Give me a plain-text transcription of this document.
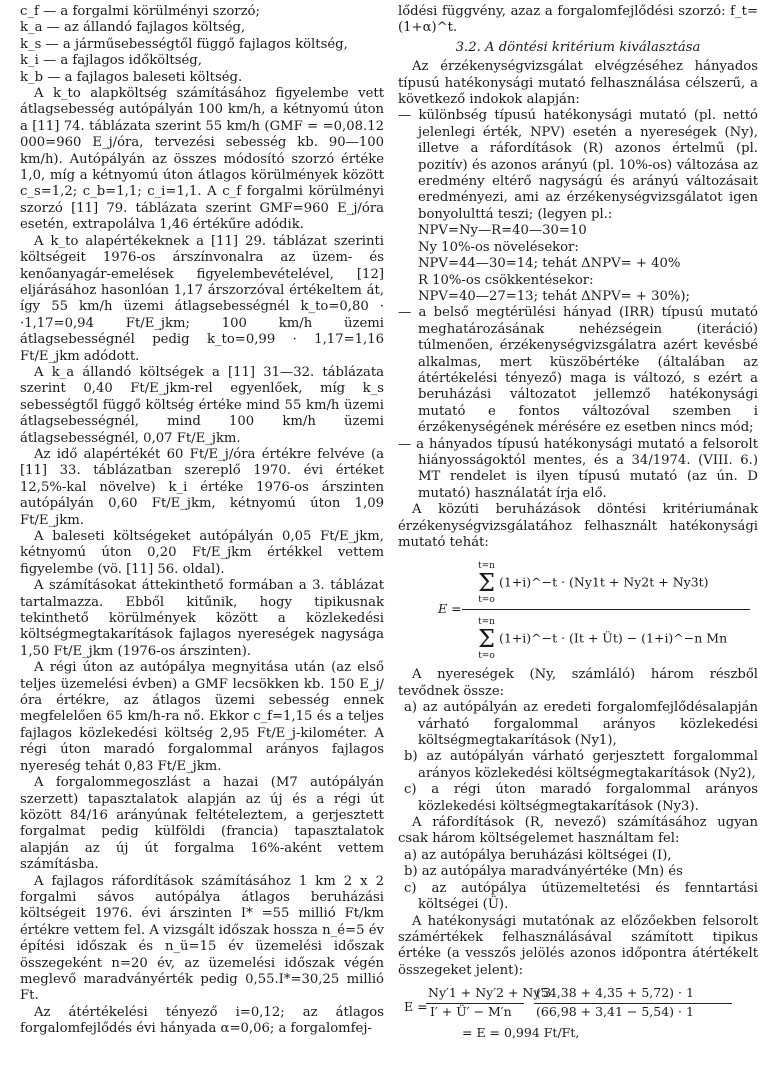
c_f — a forgalmi körülményi szorzó;

k_a — az állandó fajlagos költség,

k_s — a járműsebességtől függő fajlagos költség,

k_i — a fajlagos időköltség,

k_b — a fajlagos baleseti költség.

A k_to alapköltség számításához figyelembe vett átlagsebesség autópályán 100 km/h, a kétnyomú úton a [11] 74. táblázata szerint 55 km/h (GMF = =0,08.12 000=960 E_j/óra, tervezési sebesség kb. 90—100 km/h). Autópályán az összes módosító szorzó értéke 1,0, míg a kétnyomú úton átlagos körülmények között c_s=1,2; c_b=1,1; c_i=1,1. A c_f forgalmi körülményi szorzó [11] 79. táblázata szerint GMF=960 E_j/óra esetén, extrapolálva 1,46 értékűre adódik.

A k_to alapértékeknek a [11] 29. táblázat szerinti költségeit 1976-os árszínvonalra az üzem- és kenőanyagár-emelések figyelembevételével, [12] eljárásához hasonlóan 1,17 árszorzóval értékeltem át, így 55 km/h üzemi átlagsebességnél k_to=0,80 · ·1,17=0,94 Ft/E_jkm; 100 km/h üzemi átlagsebességnél pedig k_to=0,99 · 1,17=1,16 Ft/E_jkm adódott.

A k_a állandó költségek a [11] 31—32. táblázata szerint 0,40 Ft/E_jkm-rel egyenlőek, míg k_s sebességtől függő költség értéke mind 55 km/h üzemi átlagsebességnél, mind 100 km/h üzemi átlagsebességnél, 0,07 Ft/E_jkm.

Az idő alapértékét 60 Ft/E_j/óra értékre felvéve (a [11] 33. táblázatban szereplő 1970. évi értéket 12,5%-kal növelve) k_i értéke 1976-os árszinten autópályán 0,60 Ft/E_jkm, kétnyomú úton 1,09 Ft/E_jkm.

A baleseti költségeket autópályán 0,05 Ft/E_jkm, kétnyomú úton 0,20 Ft/E_jkm értékkel vettem figyelembe (vö. [11] 56. oldal).

A számításokat áttekinthető formában a 3. táblázat tartalmazza. Ebből kitűnik, hogy tipikusnak tekinthető körülmények között a közlekedési költségmegtakarítások fajlagos nyereségek nagysága 1,50 Ft/E_jkm (1976-os árszinten).

A régi úton az autópálya megnyitása után (az első teljes üzemelési évben) a GMF lecsökken kb. 150 E_j/óra értékre, az átlagos üzemi sebesség ennek megfelelően 65 km/h-ra nő. Ekkor c_f=1,15 és a teljes fajlagos közlekedési költség 2,95 Ft/E_j-kilométer. A régi úton maradó forgalommal arányos fajlagos nyereség tehát 0,83 Ft/E_jkm.

A forgalommegoszlást a hazai (M7 autópályán szerzett) tapasztalatok alapján az új és a régi út között 84/16 arányúnak feltételeztem, a gerjesztett forgalmat pedig külföldi (francia) tapasztalatok alapján az új út forgalma 16%-aként vettem számításba.

A fajlagos ráfordítások számításához 1 km 2 x 2 forgalmi sávos autópálya átlagos beruházási költségeit 1976. évi árszinten I* =55 millió Ft/km értékre vettem fel. A vizsgált időszak hossza n_é=5 év építési időszak és n_ü=15 év üzemelési időszak összegeként n=20 év, az üzemelési időszak végén meglevő maradványérték pedig 0,55.I*=30,25 millió Ft.

Az átértékelési tényező i=0,12; az átlagos forgalomfejlődés évi hányada α=0,06; a forgalomfej-

lődési függvény, azaz a forgalomfejlődési szorzó: f_t=(1+α)^t.

3.2. A döntési kritérium kiválasztása

Az érzékenységvizsgálat elvégzéséhez hányados típusú hatékonysági mutató felhasználása célszerű, a következő indokok alapján:

— különbség típusú hatékonysági mutató (pl. nettó jelenlegi érték, NPV) esetén a nyereségek (Ny), illetve a ráfordítások (R) azonos értelmű (pl. pozitív) és azonos arányú (pl. 10%-os) változása az eredmény eltérő nagyságú és arányú változásait eredményezi, ami az érzékenységvizsgálatot igen bonyolulttá teszi; (legyen pl.:

NPV=Ny—R=40—30=10

Ny 10%-os növelésekor:

NPV=44—30=14; tehát ΔNPV= + 40%

R 10%-os csökkentésekor:

NPV=40—27=13; tehát ΔNPV= + 30%);

— a belső megtérülési hányad (IRR) típusú mutató meghatározásának nehézségein (iteráció) túlmenően, érzékenységvizsgálatra azért kevésbé alkalmas, mert küszöbértéke (általában az átértékelési tényező) maga is változó, s ezért a beruházási változatot jellemző hatékonysági mutató e fontos változóval szemben i érzékenységének mérésére ez esetben nincs mód;

— a hányados típusú hatékonysági mutató a felsorolt hiányosságoktól mentes, és a 34/1974. (VIII. 6.) MT rendelet is ilyen típusú mutató (az ún. D mutató) használatát írja elő.

A közúti beruházások döntési kritériumának érzékenységvizsgálatához felhasznált hatékonysági mutató tehát:

E =
t=n
Σ
t=o (1+i)^−t · (Ny1t + Ny2t + Ny3t)
t=n
Σ
t=o (1+i)^−t · (It + Üt) − (1+i)^−n Mn

A nyereségek (Ny, számláló) három részből tevődnek össze:

a) az autópályán az eredeti forgalomfejlődésalapján várható forgalommal arányos közlekedési költségmegtakarítások (Ny1),

b) az autópályán várható gerjesztett forgalommal arányos közlekedési költségmegtakarítások (Ny2),

c) a régi úton maradó forgalommal arányos közlekedési költségmegtakarítások (Ny3).

A ráfordítások (R, nevező) számításához ugyan csak három költségelemet használtam fel:

a) az autópálya beruházási költségei (I),

b) az autópálya maradványértéke (Mn) és

c) az autópálya útüzemeltetési és fenntartási költségei (Ü).

A hatékonysági mutatónak az előzőekben felsorolt számértékek felhasználásával számított tipikus értéke (a vesszős jelölés azonos időpontra átértékelt összegeket jelent):

E =
Ny′1 + Ny′2 + Ny′3
I′ + Ü′ − M′n
(54,38 + 4,35 + 5,72) · 1
(66,98 + 3,41 − 5,54) · 1
= E = 0,994 Ft/Ft,
